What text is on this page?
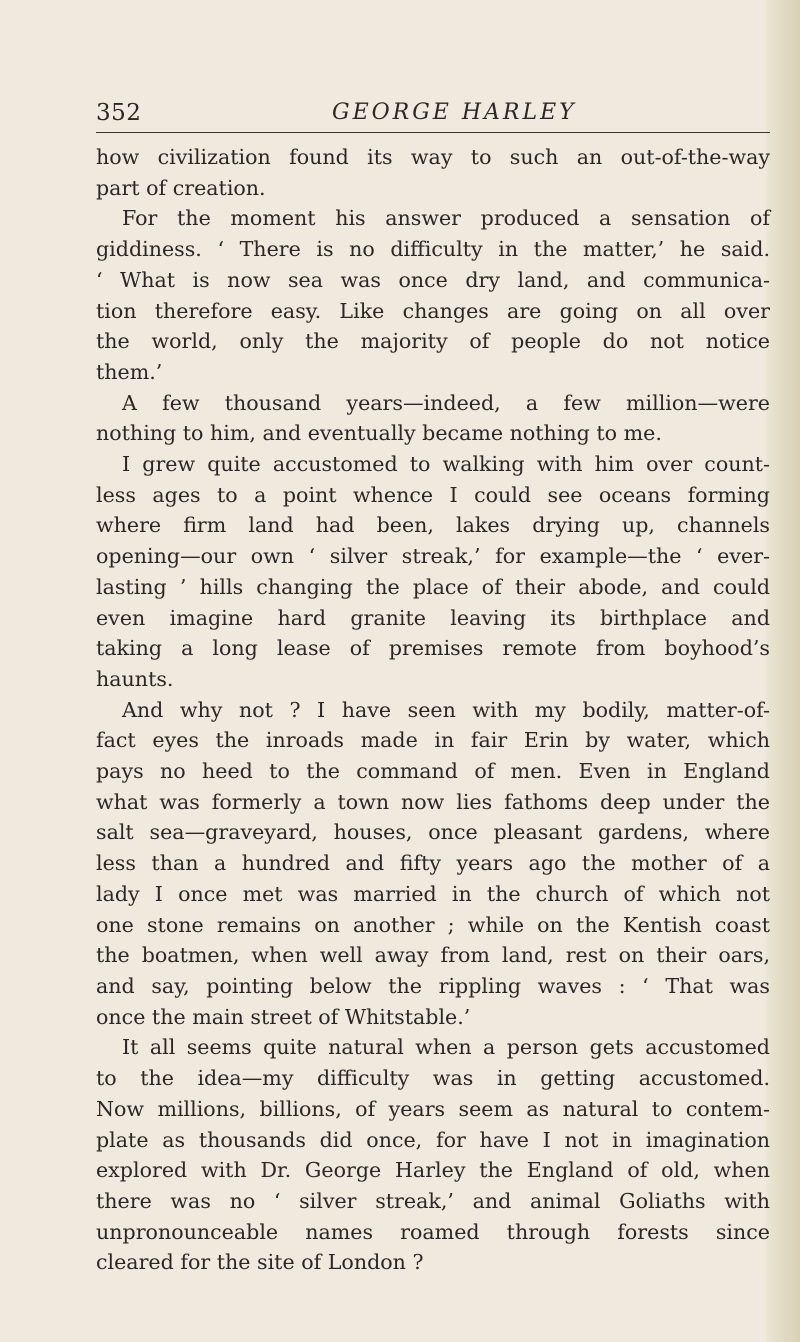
352	GEORGE HARLEY
how civilization found its way to such an out-of-the-way
part of creation.
For the moment his answer produced a sensation of
giddiness. ‘ There is no difficulty in the matter,’ he said.
‘ What is now sea was once dry land, and communica-
tion therefore easy. Like changes are going on all over
the world, only the majority of people do not notice
them.’
A few thousand years—indeed, a few million—were
nothing to him, and eventually became nothing to me.
I grew quite accustomed to walking with him over count-
less ages to a point whence I could see oceans forming
where firm land had been, lakes drying up, channels
opening—our own ‘ silver streak,’ for example—the ‘ ever-
lasting ’ hills changing the place of their abode, and could
even imagine hard granite leaving its birthplace and
taking a long lease of premises remote from boyhood’s
haunts.
And why not ? I have seen with my bodily, matter-of-
fact eyes the inroads made in fair Erin by water, which
pays no heed to the command of men. Even in England
what was formerly a town now lies fathoms deep under the
salt sea—graveyard, houses, once pleasant gardens, where
less than a hundred and fifty years ago the mother of a
lady I once met was married in the church of which not
one stone remains on another ; while on the Kentish coast
the boatmen, when well away from land, rest on their oars,
and say, pointing below the rippling waves : ‘ That was
once the main street of Whitstable.’
It all seems quite natural when a person gets accustomed
to the idea—my difficulty was in getting accustomed.
Now millions, billions, of years seem as natural to contem-
plate as thousands did once, for have I not in imagination
explored with Dr. George Harley the England of old, when
there was no ‘ silver streak,’ and animal Goliaths with
unpronounceable names roamed through forests since
cleared for the site of London ?
